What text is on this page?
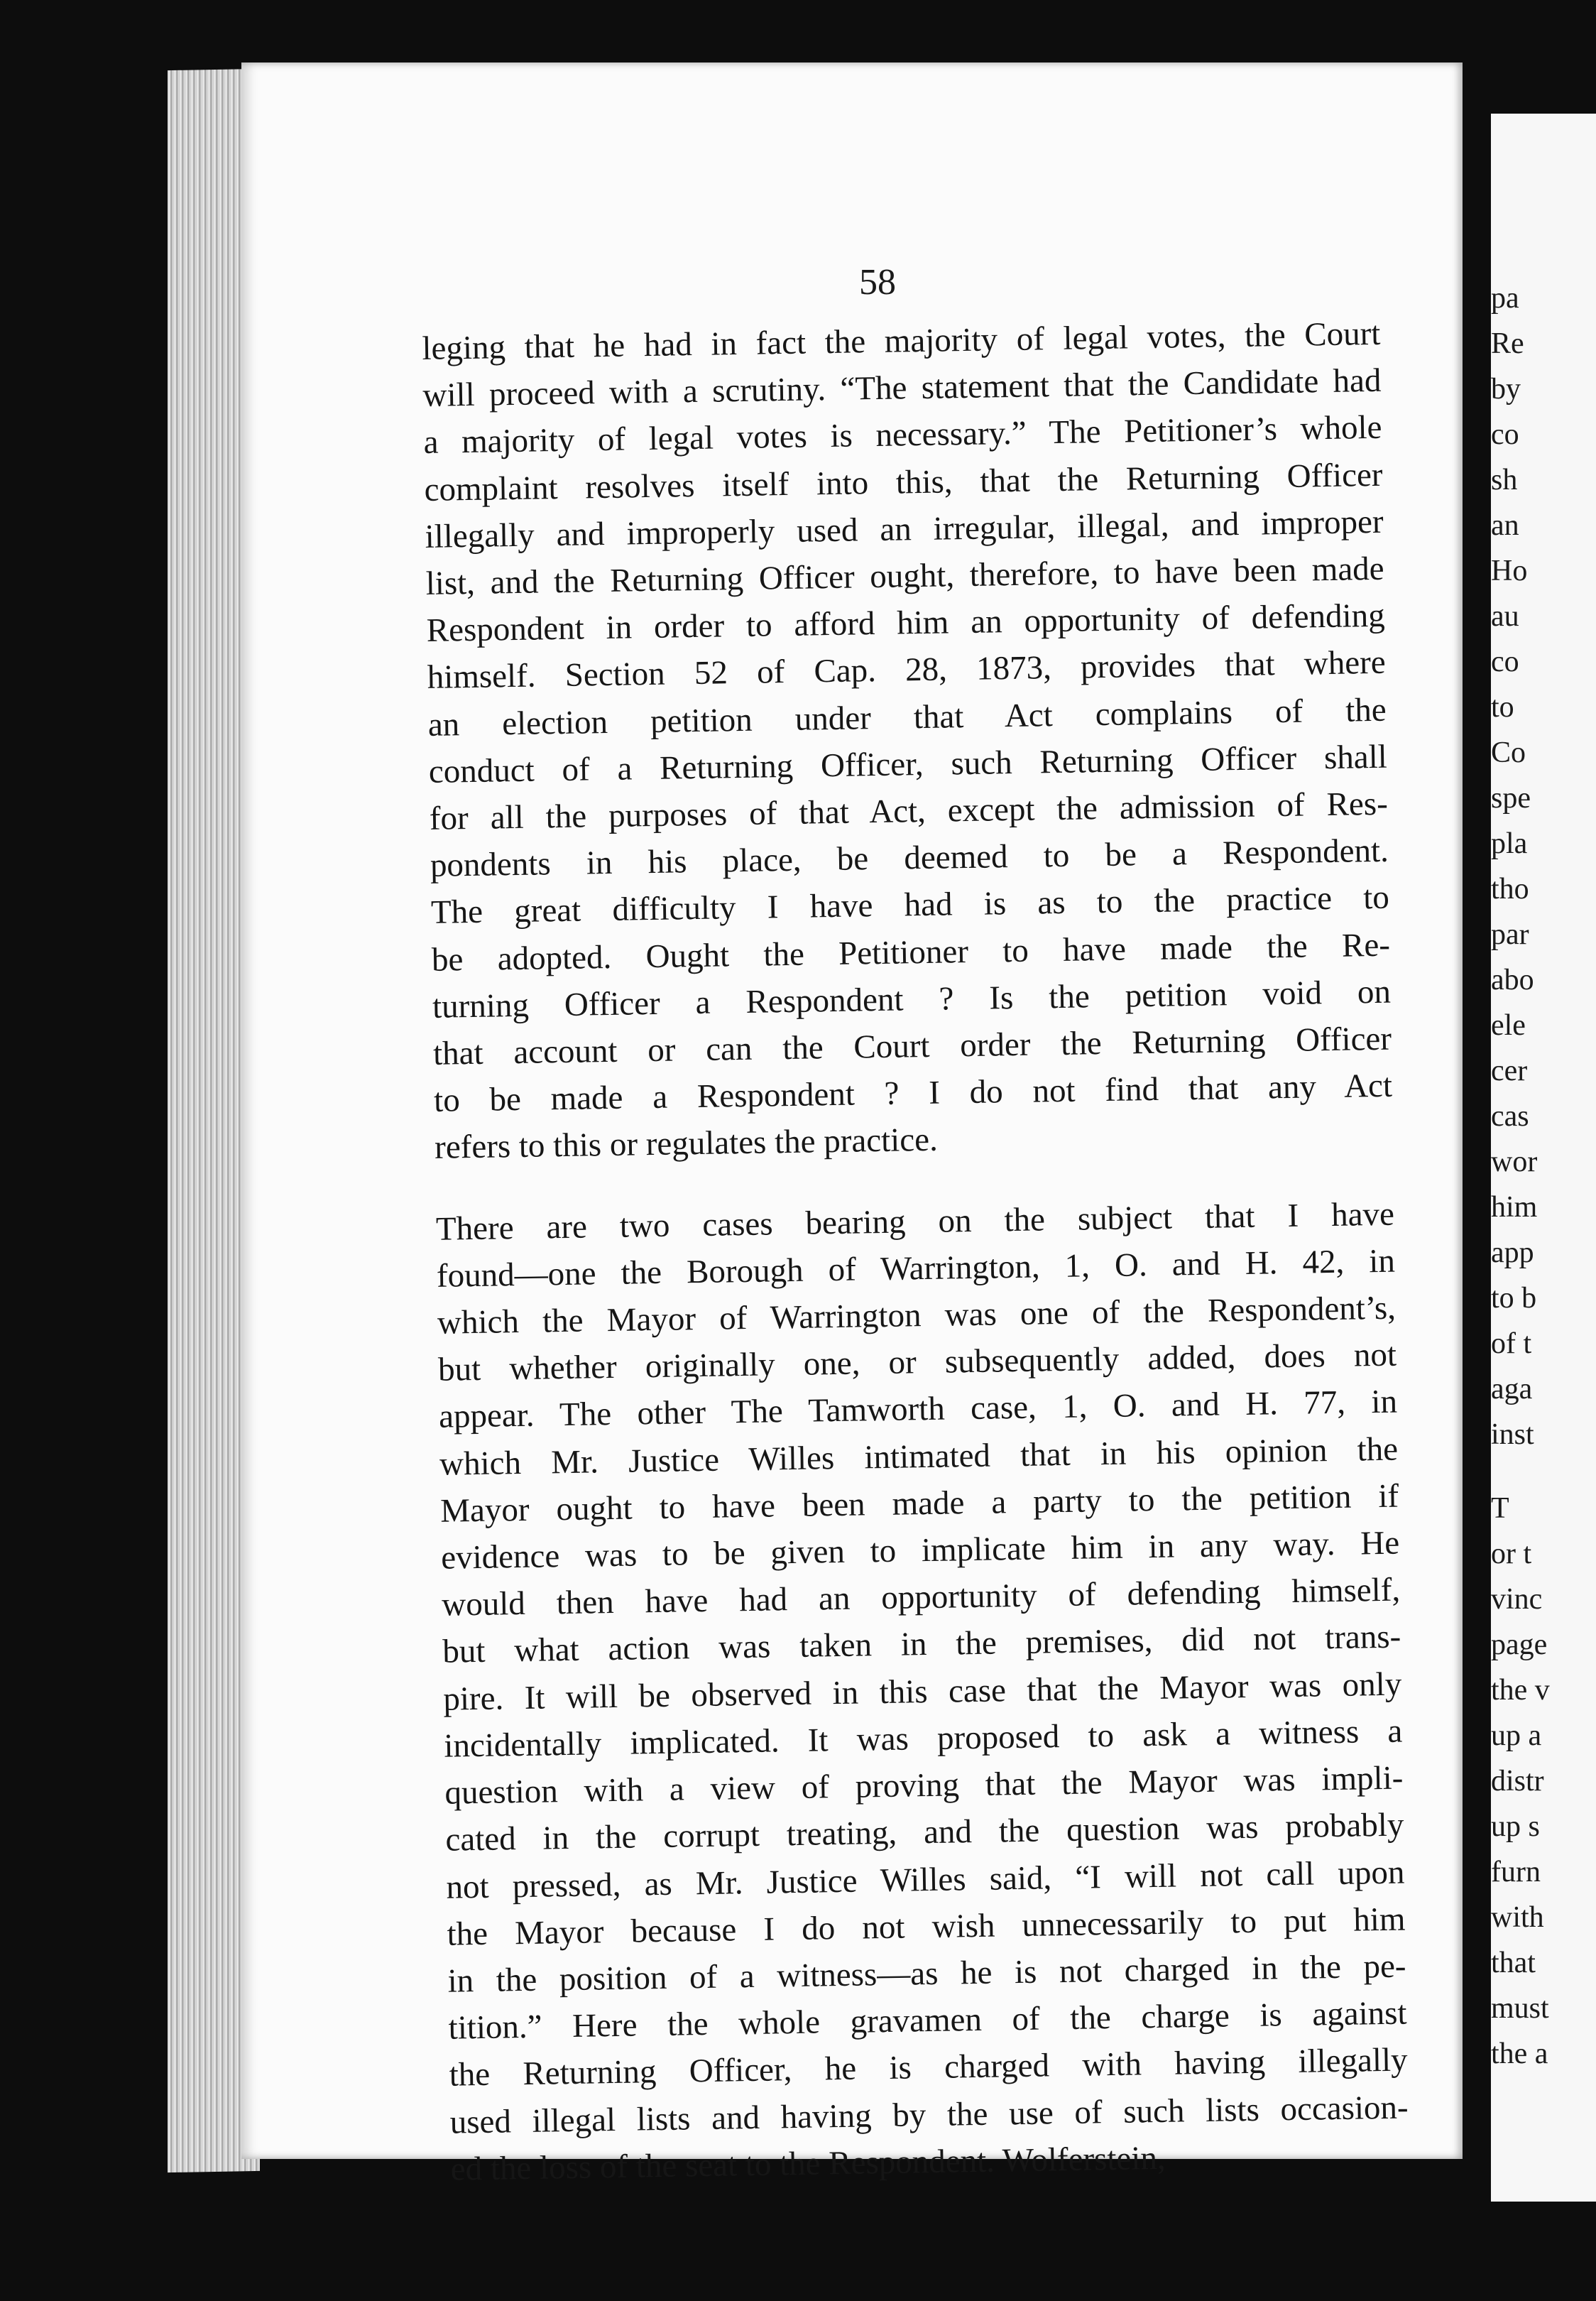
58
leging that he had in fact the majority of legal votes, the Court
will proceed with a scrutiny. “The statement that the Candidate had
a majority of legal votes is necessary.” The Petitioner’s whole
complaint resolves itself into this, that the Returning Officer
illegally and improperly used an irregular, illegal, and improper
list, and the Returning Officer ought, therefore, to have been made
Respondent in order to afford him an opportunity of defending
himself. Section 52 of Cap. 28, 1873, provides that where
an election petition under that Act complains of the
conduct of a Returning Officer, such Returning Officer shall
for all the purposes of that Act, except the admission of Res-
pondents in his place, be deemed to be a Respondent.
The great difficulty I have had is as to the practice to
be adopted. Ought the Petitioner to have made the Re-
turning Officer a Respondent ? Is the petition void on
that account or can the Court order the Returning Officer
to be made a Respondent ? I do not find that any Act
refers to this or regulates the practice.
There are two cases bearing on the subject that I have
found—one the Borough of Warrington, 1, O. and H. 42, in
which the Mayor of Warrington was one of the Respondent’s,
but whether originally one, or subsequently added, does not
appear. The other The Tamworth case, 1, O. and H. 77, in
which Mr. Justice Willes intimated that in his opinion the
Mayor ought to have been made a party to the petition if
evidence was to be given to implicate him in any way. He
would then have had an opportunity of defending himself,
but what action was taken in the premises, did not trans-
pire. It will be observed in this case that the Mayor was only
incidentally implicated. It was proposed to ask a witness a
question with a view of proving that the Mayor was impli-
cated in the corrupt treating, and the question was probably
not pressed, as Mr. Justice Willes said, “I will not call upon
the Mayor because I do not wish unnecessarily to put him
in the position of a witness—as he is not charged in the pe-
tition.” Here the whole gravamen of the charge is against
the Returning Officer, he is charged with having illegally
used illegal lists and having by the use of such lists occasion-
ed the loss of the seat to the Respondent. Wolferstein,
pa
Re
by
co
sh
an
Ho
au
co
to
Co
spe
pla
tho
par
abo
ele
cer
cas
wor
him
app
to b
of t
aga
inst
T
or t
vinc
page
the v
up a
distr
up s
furn
with
that
must
the a
